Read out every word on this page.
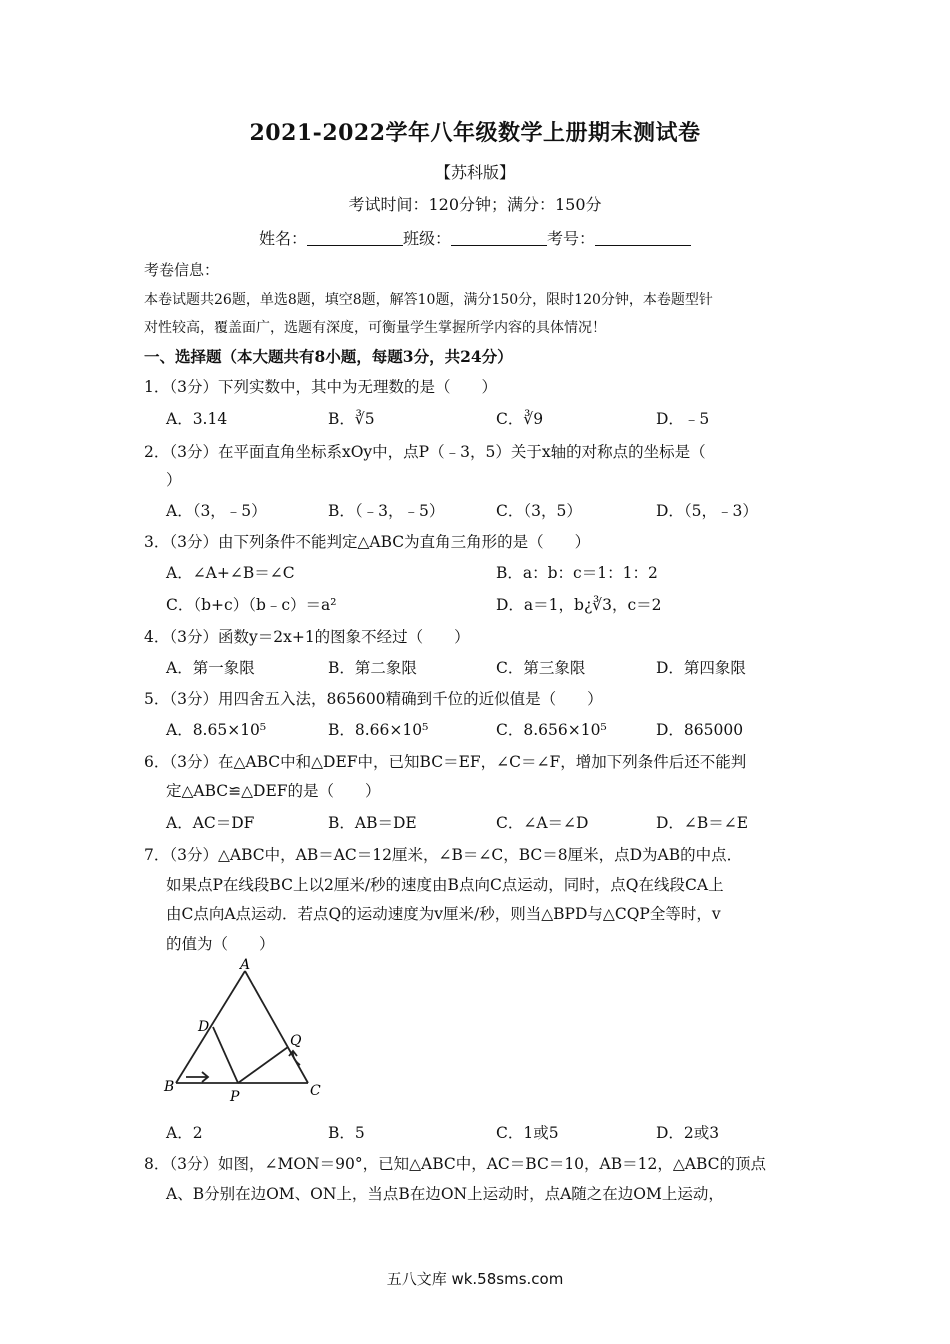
2021-2022学年八年级数学上册期末测试卷
【苏科版】
考试时间：120分钟；满分：150分
姓名：	班级：	考号：
考卷信息：
本卷试题共26题，单选8题，填空8题，解答10题，满分150分，限时120分钟，本卷题型针
对性较高，覆盖面广，选题有深度，可衡量学生掌握所学内容的具体情况！
一、选择题（本大题共有8小题，每题3分，共24分）
1．（3分）下列实数中，其中为无理数的是（　　）
A．3.14	B．∛5	C．∛9	D．﹣5
2．（3分）在平面直角坐标系xOy中，点P（﹣3，5）关于x轴的对称点的坐标是（
）
A．（3，﹣5）	B．（﹣3，﹣5）	C．（3，5）	D．（5，﹣3）
3．（3分）由下列条件不能判定△ABC为直角三角形的是（　　）
A．∠A+∠B＝∠C	B．a：b：c＝1：1：2
C．（b+c）（b﹣c）＝a²	D．a＝1，b¿∛3，c＝2
4．（3分）函数y＝2x+1的图象不经过（　　）
A．第一象限	B．第二象限	C．第三象限	D．第四象限
5．（3分）用四舍五入法，865600精确到千位的近似值是（　　）
A．8.65×10⁵	B．8.66×10⁵	C．8.656×10⁵	D．865000
6．（3分）在△ABC中和△DEF中，已知BC＝EF，∠C＝∠F，增加下列条件后还不能判
定△ABC≌△DEF的是（　　）
A．AC＝DF	B．AB＝DE	C．∠A＝∠D	D．∠B＝∠E
7．（3分）△ABC中，AB＝AC＝12厘米，∠B＝∠C，BC＝8厘米，点D为AB的中点．
如果点P在线段BC上以2厘米/秒的速度由B点向C点运动，同时，点Q在线段CA上
由C点向A点运动．若点Q的运动速度为v厘米/秒，则当△BPD与△CQP全等时，v
的值为（　　）
A
B	C
D
P
Q
A．2	B．5	C．1或5	D．2或3
8．（3分）如图，∠MON＝90°，已知△ABC中，AC＝BC＝10，AB＝12，△ABC的顶点
A、B分别在边OM、ON上，当点B在边ON上运动时，点A随之在边OM上运动，
五八文库 wk.58sms.com
